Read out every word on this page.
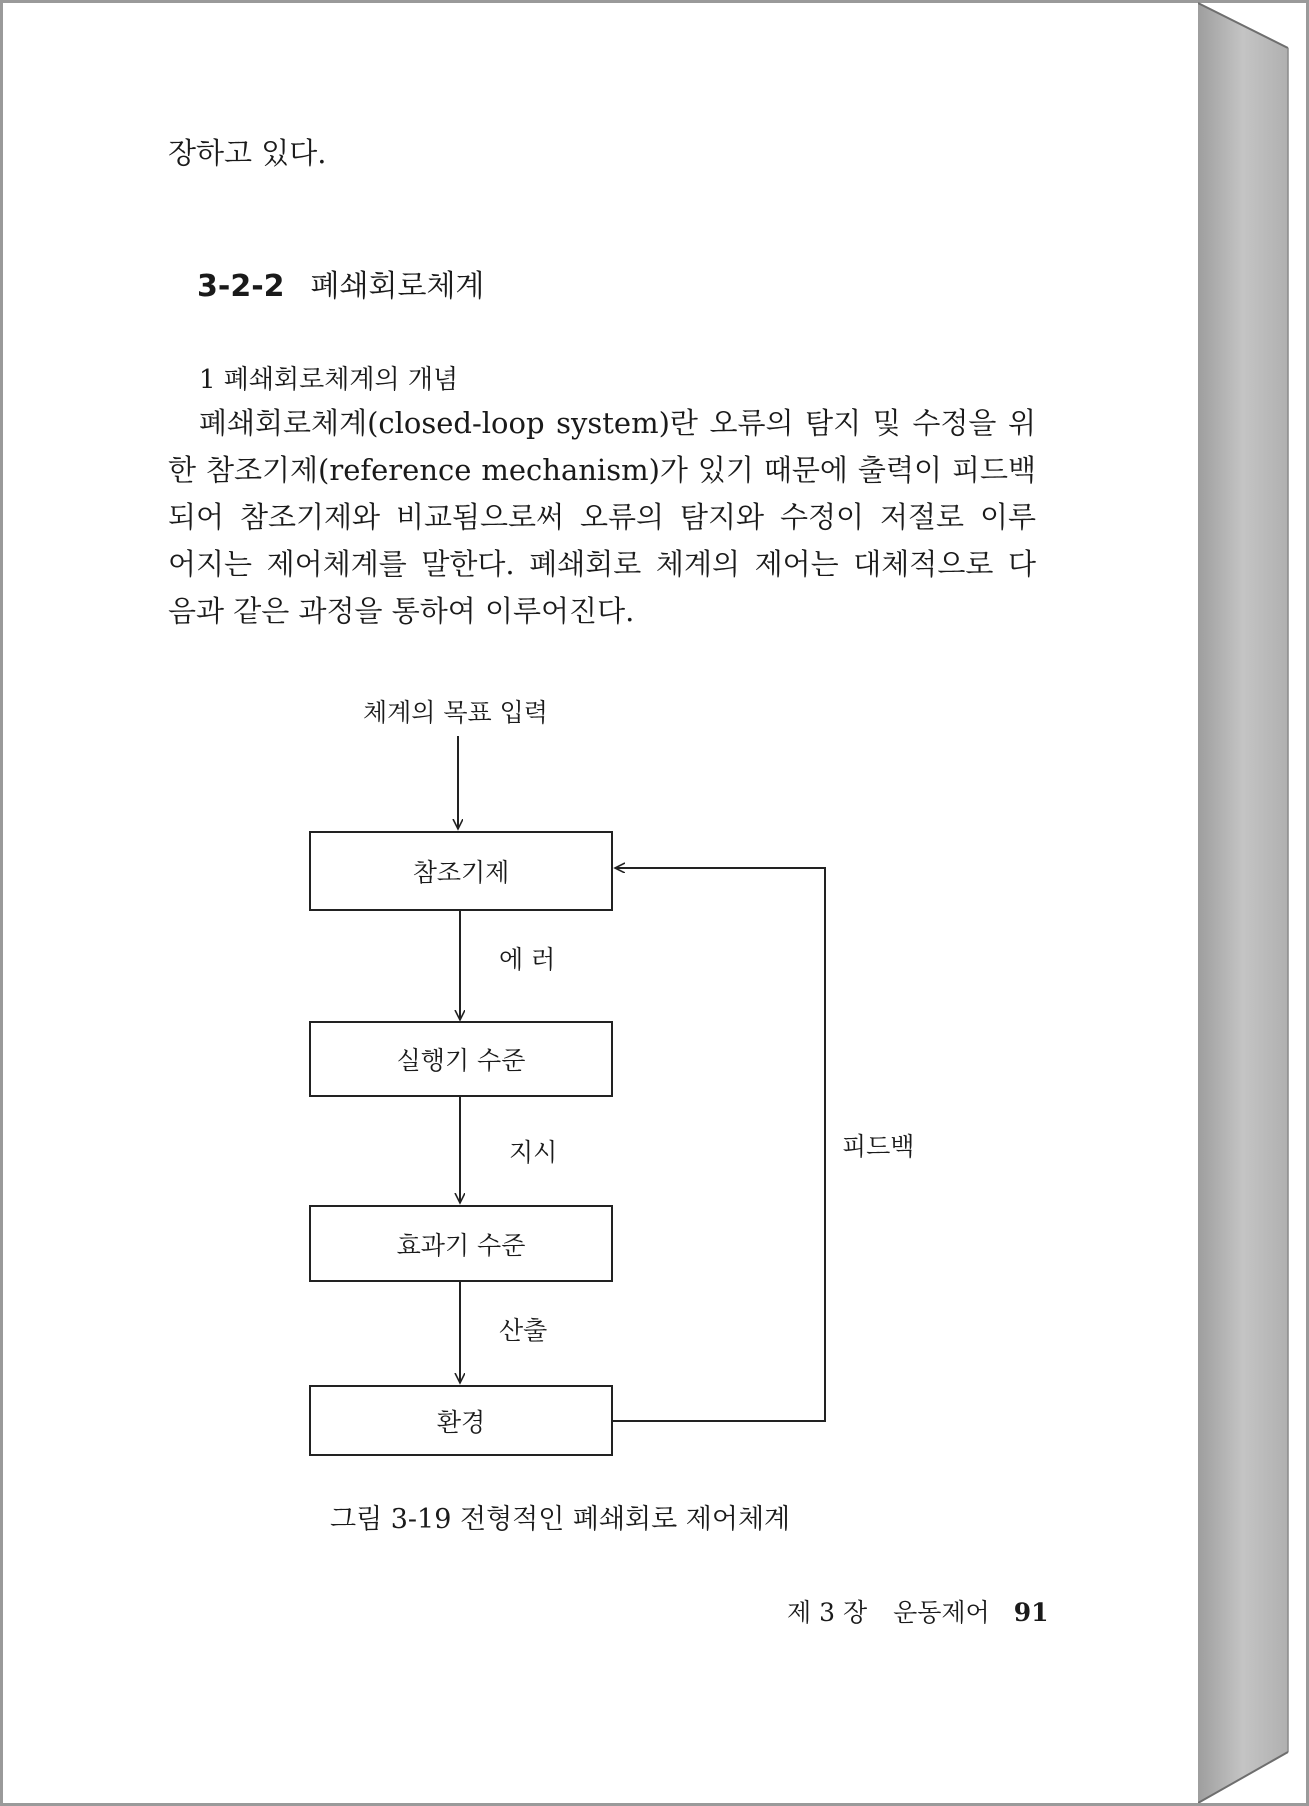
장하고 있다.
3-2-2 폐쇄회로체계
1 폐쇄회로체계의 개념
폐쇄회로체계(closed-loop system)란 오류의 탐지 및 수정을 위
한 참조기제(reference mechanism)가 있기 때문에 출력이 피드백
되어 참조기제와 비교됨으로써 오류의 탐지와 수정이 저절로 이루
어지는 제어체계를 말한다. 폐쇄회로 체계의 제어는 대체적으로 다
음과 같은 과정을 통하여 이루어진다.
체계의 목표 입력
참조기제
에 러
실행기 수준
지시
효과기 수준
산출
환경
피드백
그림 3-19 전형적인 폐쇄회로 제어체계
제 3 장 운동제어 91
